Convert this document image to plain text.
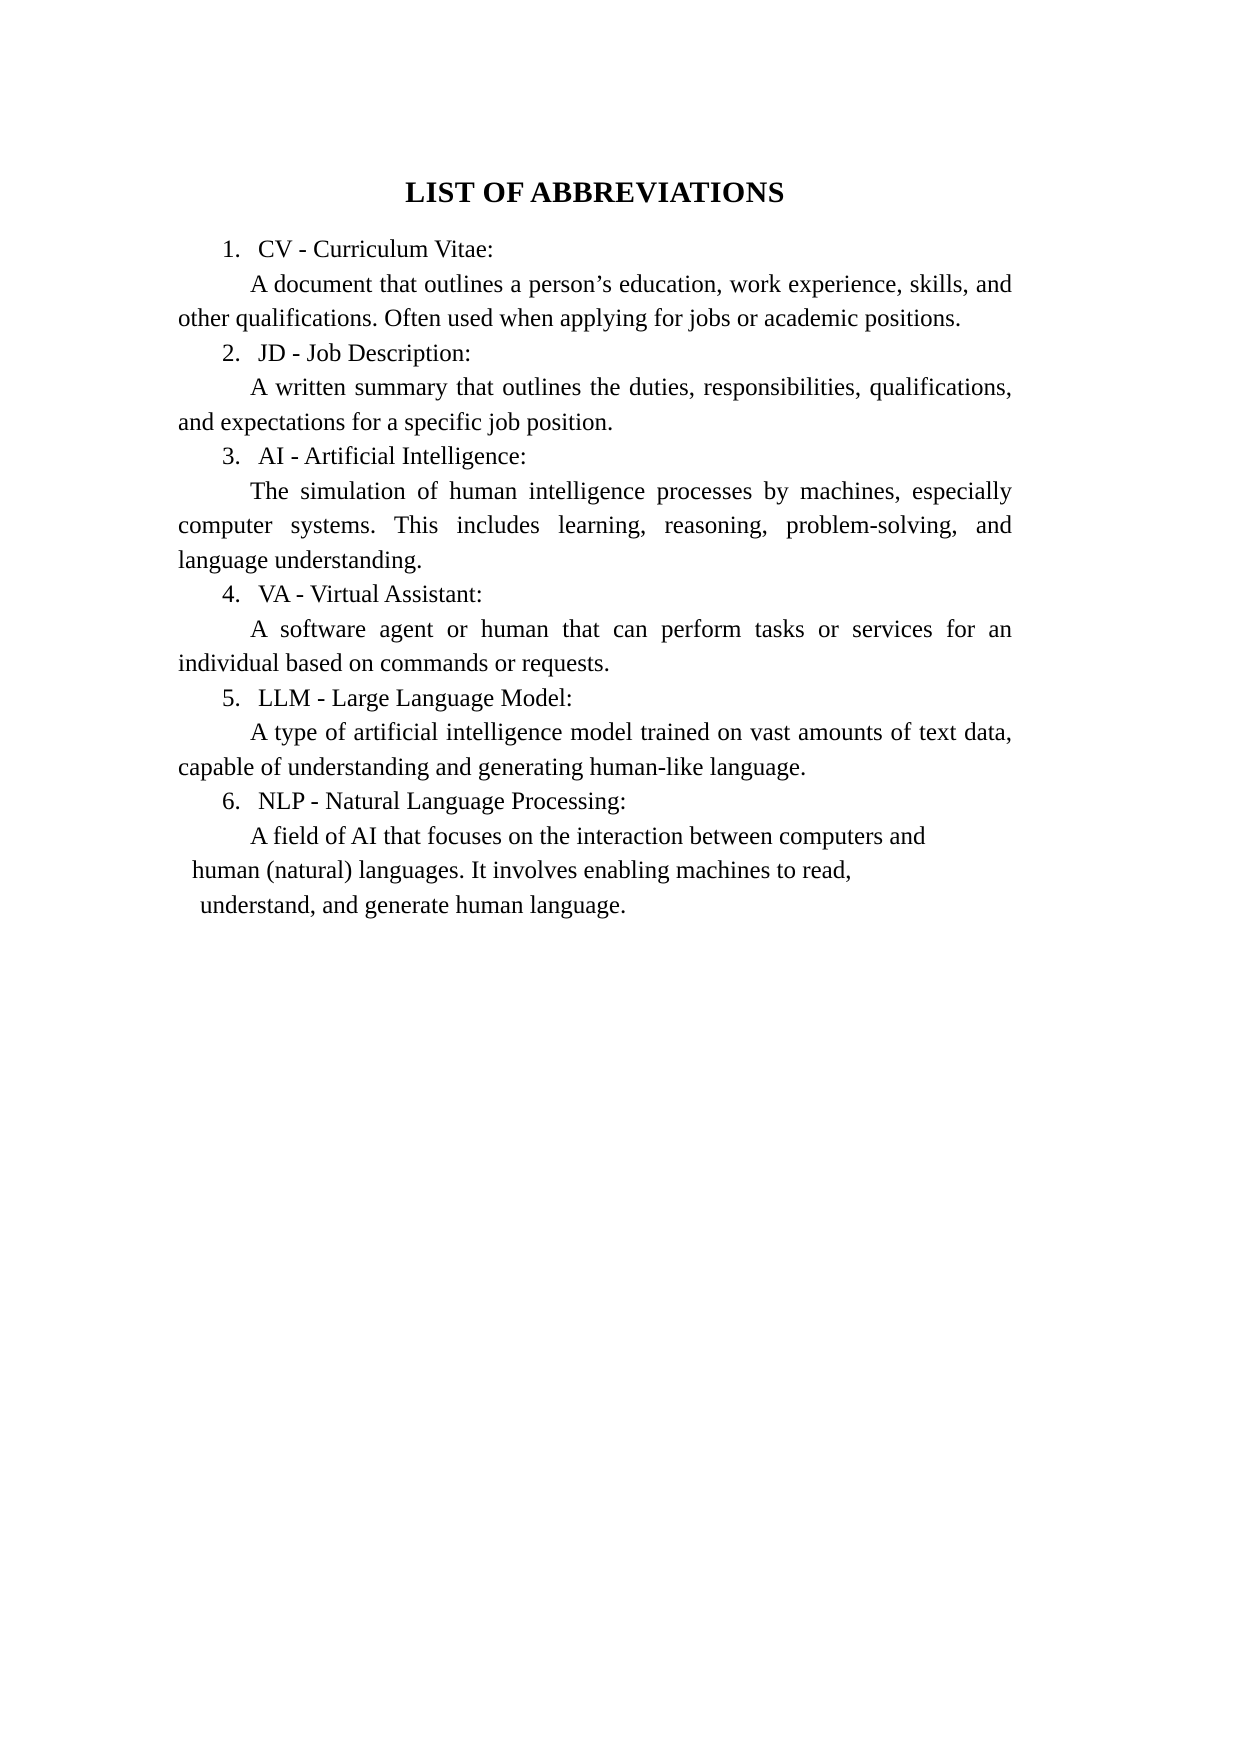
LIST OF ABBREVIATIONS

1. CV - Curriculum Vitae:

A document that outlines a person’s education, work experience, skills, and other qualifications. Often used when applying for jobs or academic positions.

2. JD - Job Description:

A written summary that outlines the duties, responsibilities, qualifications, and expectations for a specific job position.

3. AI - Artificial Intelligence:

The simulation of human intelligence processes by machines, especially computer systems. This includes learning, reasoning, problem-solving, and language understanding.

4. VA - Virtual Assistant:

A software agent or human that can perform tasks or services for an individual based on commands or requests.

5. LLM - Large Language Model:

A type of artificial intelligence model trained on vast amounts of text data, capable of understanding and generating human-like language.

6. NLP - Natural Language Processing:

A field of AI that focuses on the interaction between computers and
human (natural) languages. It involves enabling machines to read,
understand, and generate human language.
